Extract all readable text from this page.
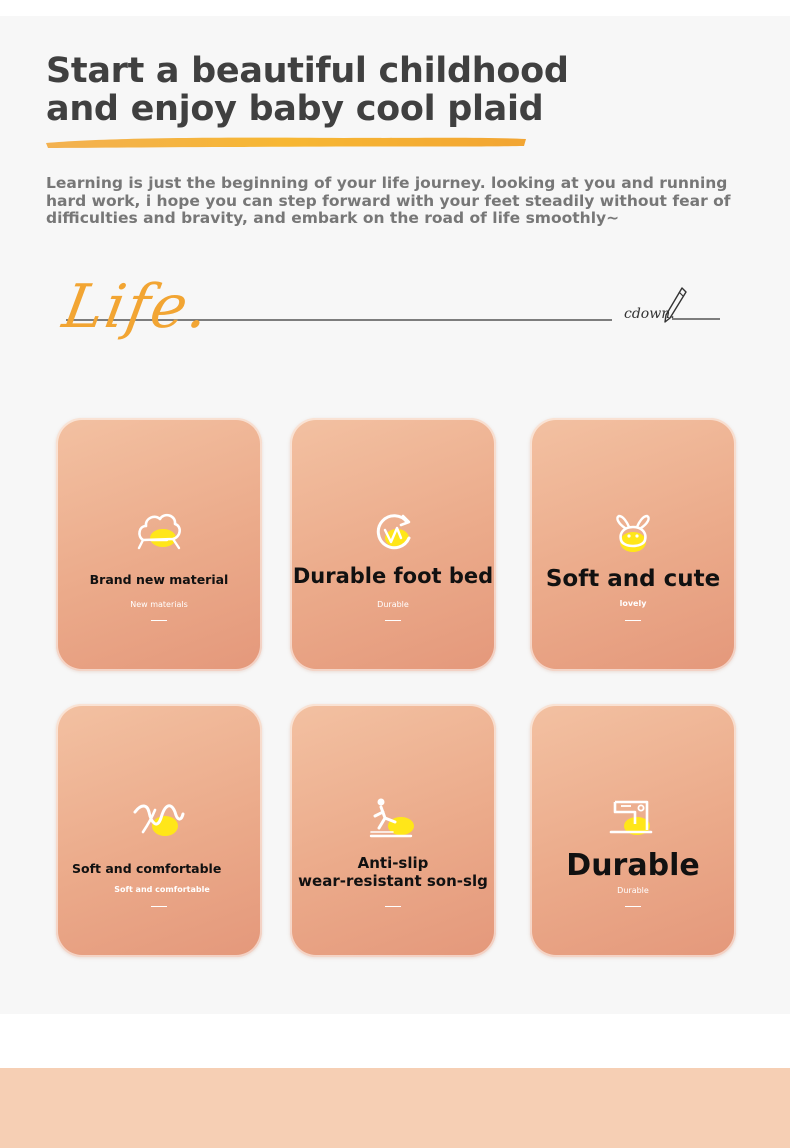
Start a beautiful childhood
and enjoy baby cool plaid
Learning is just the beginning of your life journey. looking at you and running hard work, i hope you can step forward with your feet steadily without fear of difficulties and bravity, and embark on the road of life smoothly~
Life.	cdown.
Brand new material
New materials
Durable foot bed
Durable
Soft and cute
lovely
Soft and comfortable
Soft and comfortable
Anti-slip
wear-resistant son-slg	Durable
Durable
